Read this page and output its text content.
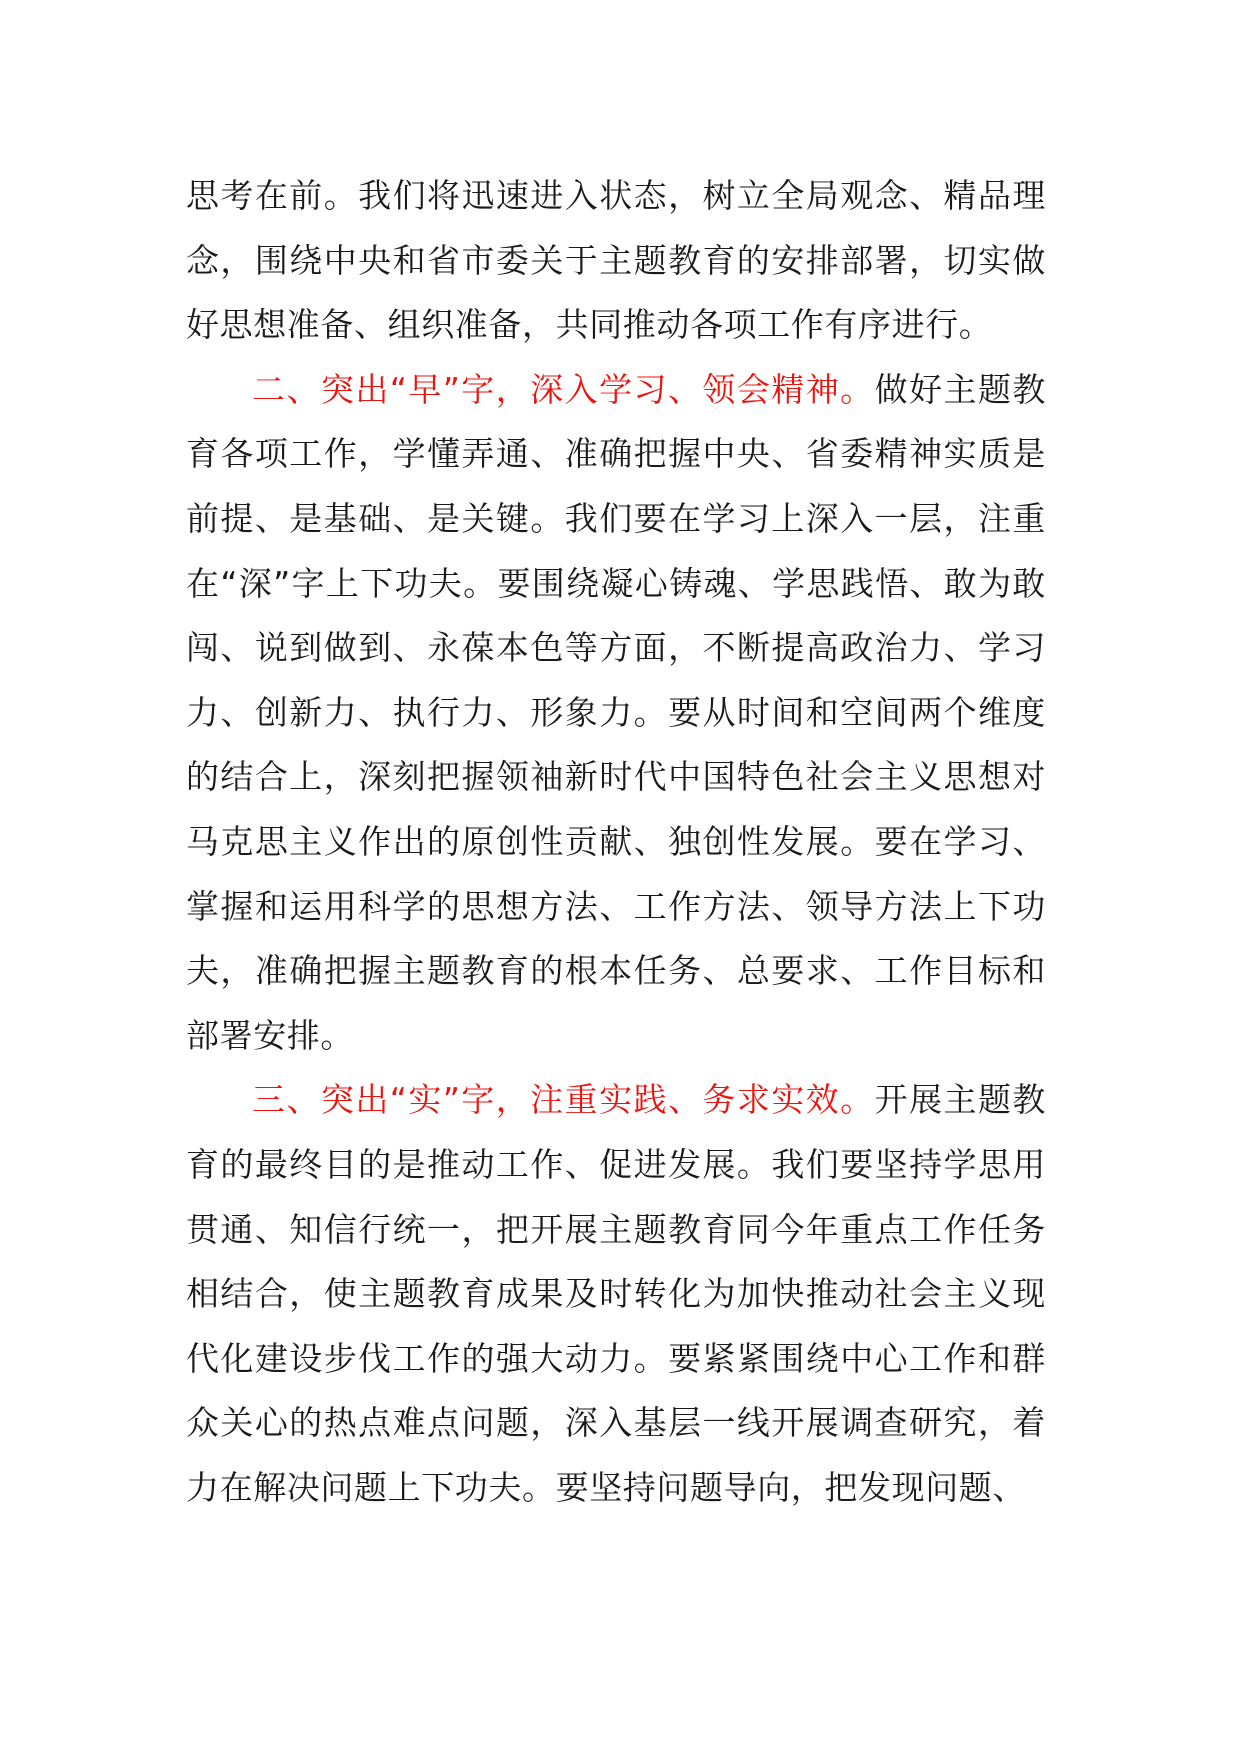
思考在前。我们将迅速进入状态，树立全局观念、精品理念，围绕中央和省市委关于主题教育的安排部署，切实做好思想准备、组织准备，共同推动各项工作有序进行。

二、突出“早”字，深入学习、领会精神。做好主题教育各项工作，学懂弄通、准确把握中央、省委精神实质是前提、是基础、是关键。我们要在学习上深入一层，注重在“深”字上下功夫。要围绕凝心铸魂、学思践悟、敢为敢闯、说到做到、永葆本色等方面，不断提高政治力、学习力、创新力、执行力、形象力。要从时间和空间两个维度的结合上，深刻把握领袖新时代中国特色社会主义思想对马克思主义作出的原创性贡献、独创性发展。要在学习、掌握和运用科学的思想方法、工作方法、领导方法上下功夫，准确把握主题教育的根本任务、总要求、工作目标和部署安排。

三、突出“实”字，注重实践、务求实效。开展主题教育的最终目的是推动工作、促进发展。我们要坚持学思用贯通、知信行统一，把开展主题教育同今年重点工作任务相结合，使主题教育成果及时转化为加快推动社会主义现代化建设步伐工作的强大动力。要紧紧围绕中心工作和群众关心的热点难点问题，深入基层一线开展调查研究，着力在解决问题上下功夫。要坚持问题导向，把发现问题、
